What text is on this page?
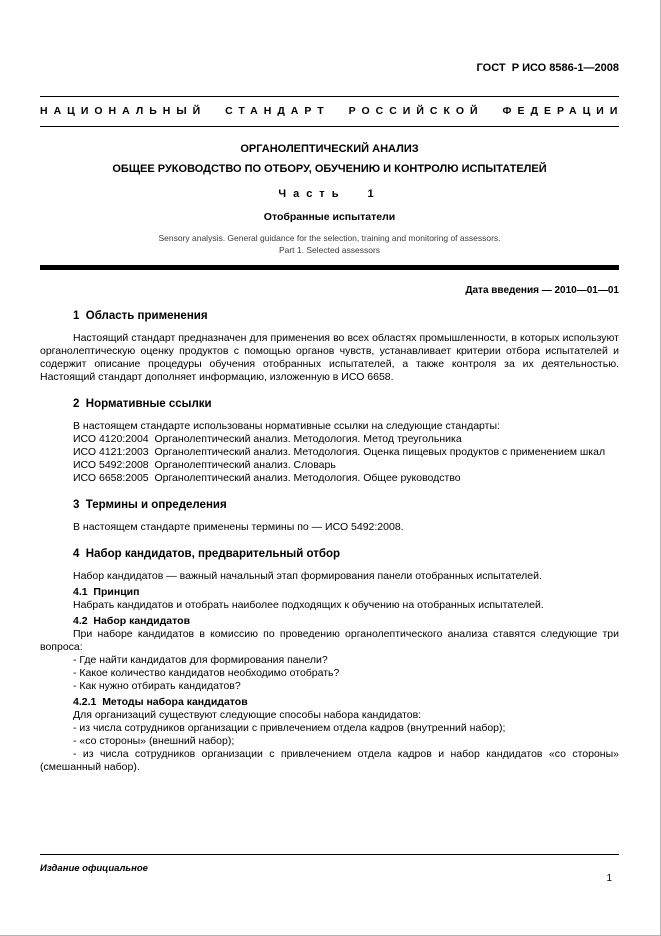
ГОСТ  Р ИСО 8586-1—2008
НАЦИОНАЛЬНЫЙ СТАНДАРТ РОССИЙСКОЙ ФЕДЕРАЦИИ
ОРГАНОЛЕПТИЧЕСКИЙ АНАЛИЗ
ОБЩЕЕ РУКОВОДСТВО ПО ОТБОРУ, ОБУЧЕНИЮ И КОНТРОЛЮ ИСПЫТАТЕЛЕЙ
Часть 1
Отобранные испытатели
Sensory analysis. General guidance for the selection, training and monitoring of assessors.
Part 1. Selected assessors
Дата введения — 2010—01—01
1  Область применения
Настоящий стандарт предназначен для применения во всех областях промышленности, в которых используют органолептическую оценку продуктов с помощью органов чувств, устанавливает критерии отбора испытателей и содержит описание процедуры обучения отобранных испытателей, а также контроля за их деятельностью. Настоящий стандарт дополняет информацию, изложенную в ИСО 6658.
2  Нормативные ссылки
В настоящем стандарте использованы нормативные ссылки на следующие стандарты:
ИСО 4120:2004  Органолептический анализ. Методология. Метод треугольника
ИСО 4121:2003  Органолептический анализ. Методология. Оценка пищевых продуктов с применением шкал
ИСО 5492:2008  Органолептический анализ. Словарь
ИСО 6658:2005  Органолептический анализ. Методология. Общее руководство
3  Термины и определения
В настоящем стандарте применены термины по — ИСО 5492:2008.
4  Набор кандидатов, предварительный отбор
Набор кандидатов — важный начальный этап формирования панели отобранных испытателей.
4.1  Принцип
Набрать кандидатов и отобрать наиболее подходящих к обучению на отобранных испытателей.
4.2  Набор кандидатов
При наборе кандидатов в комиссию по проведению органолептического анализа ставятся следующие три вопроса:
- Где найти кандидатов для формирования панели?
- Какое количество кандидатов необходимо отобрать?
- Как нужно отбирать кандидатов?
4.2.1  Методы набора кандидатов
Для организаций существуют следующие способы набора кандидатов:
- из числа сотрудников организации с привлечением отдела кадров (внутренний набор);
- «со стороны» (внешний набор);
- из числа сотрудников организации с привлечением отдела кадров и набор кандидатов «со стороны» (смешанный набор).
Издание официальное
1
